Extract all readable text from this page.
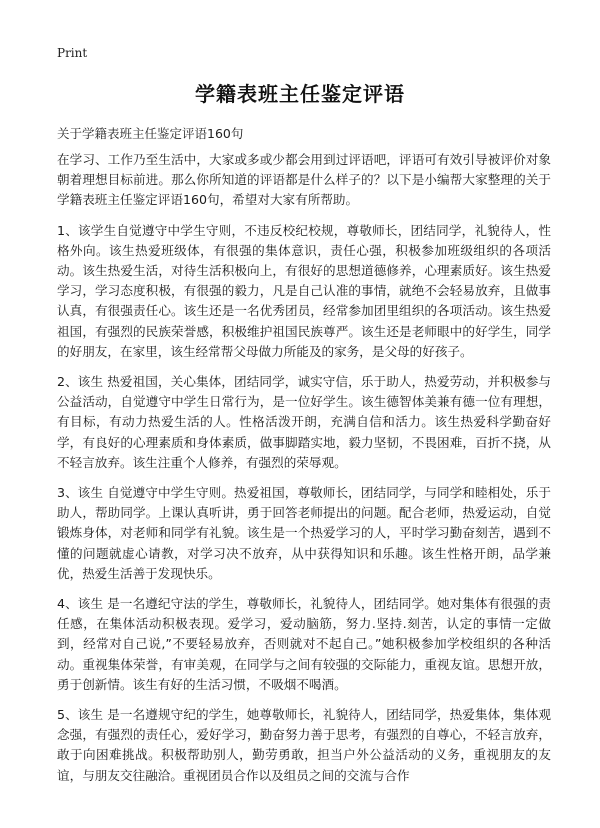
Print
学籍表班主任鉴定评语

关于学籍表班主任鉴定评语160句

在学习、工作乃至生活中，大家或多或少都会用到过评语吧，评语可有效引导被评价对象朝着理想目标前进。那么你所知道的评语都是什么样子的？以下是小编帮大家整理的关于学籍表班主任鉴定评语160句，希望对大家有所帮助。

1、该学生自觉遵守中学生守则，不违反校纪校规，尊敬师长，团结同学，礼貌待人，性格外向。该生热爱班级体，有很强的集体意识，责任心强，积极参加班级组织的各项活动。该生热爱生活，对待生活积极向上，有很好的思想道德修养，心理素质好。该生热爱学习，学习态度积极，有很强的毅力，凡是自己认准的事情，就绝不会轻易放弃，且做事认真，有很强责任心。该生还是一名优秀团员，经常参加团里组织的各项活动。该生热爱祖国，有强烈的民族荣誉感，积极维护祖国民族尊严。该生还是老师眼中的好学生，同学的好朋友，在家里，该生经常帮父母做力所能及的家务，是父母的好孩子。

2、该生 热爱祖国，关心集体，团结同学，诚实守信，乐于助人，热爱劳动，并积极参与公益活动，自觉遵守中学生日常行为，是一位好学生。该生德智体美兼有德一位有理想，有目标，有动力热爱生活的人。性格活泼开朗，充满自信和活力。该生热爱科学勤奋好学，有良好的心理素质和身体素质，做事脚踏实地，毅力坚韧，不畏困难，百折不挠，从不轻言放弃。该生注重个人修养，有强烈的荣辱观。

3、该生 自觉遵守中学生守则。热爱祖国，尊敬师长，团结同学，与同学和睦相处，乐于助人，帮助同学。上课认真听讲，勇于回答老师提出的问题。配合老师，热爱运动，自觉锻炼身体，对老师和同学有礼貌。该生是一个热爱学习的人，平时学习勤奋刻苦，遇到不懂的问题就虚心请教，对学习决不放弃，从中获得知识和乐趣。该生性格开朗，品学兼优，热爱生活善于发现快乐。

4、该生 是一名遵纪守法的学生，尊敬师长，礼貌待人，团结同学。她对集体有很强的责任感，在集体活动积极表现。爱学习，爱动脑筋，努力.坚持.刻苦，认定的事情一定做到，经常对自己说,”不要轻易放弃，否则就对不起自己。”她积极参加学校组织的各种活动。重视集体荣誉，有审美观，在同学与之间有较强的交际能力，重视友谊。思想开放，勇于创新情。该生有好的生活习惯，不吸烟不喝酒。

5、该生 是一名遵规守纪的学生，她尊敬师长，礼貌待人，团结同学，热爱集体，集体观念强，有强烈的责任心，爱好学习，勤奋努力善于思考，有强烈的自尊心，不轻言放弃，敢于向困难挑战。积极帮助别人，勤劳勇敢，担当户外公益活动的义务，重视朋友的友谊，与朋友交往融洽。重视团员合作以及组员之间的交流与合作
